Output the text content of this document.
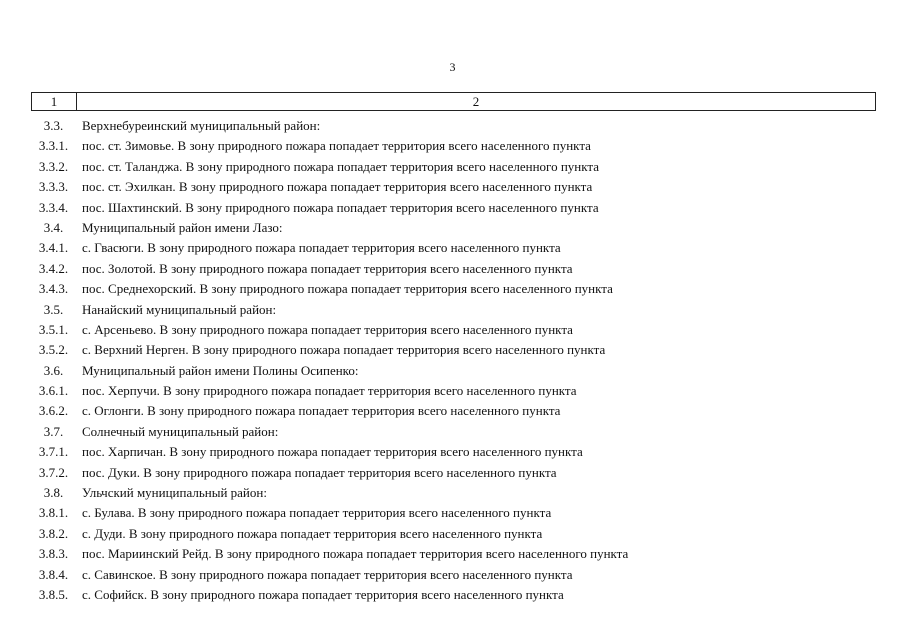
3
1	2
3.3.	Верхнебуреинский муниципальный район:
3.3.1.	пос. ст. Зимовье. В зону природного пожара попадает территория всего населенного пункта
3.3.2.	пос. ст. Таланджа. В зону природного пожара попадает территория всего населенного пункта
3.3.3.	пос. ст. Эхилкан. В зону природного пожара попадает территория всего населенного пункта
3.3.4.	пос. Шахтинский. В зону природного пожара попадает территория всего населенного пункта
3.4.	Муниципальный район имени Лазо:
3.4.1.	с. Гвасюги. В зону природного пожара попадает территория всего населенного пункта
3.4.2.	пос. Золотой. В зону природного пожара попадает территория всего населенного пункта
3.4.3.	пос. Среднехорский. В зону природного пожара попадает территория всего населенного пункта
3.5.	Нанайский муниципальный район:
3.5.1.	с. Арсеньево. В зону природного пожара попадает территория всего населенного пункта
3.5.2.	с. Верхний Нерген. В зону природного пожара попадает территория всего населенного пункта
3.6.	Муниципальный район имени Полины Осипенко:
3.6.1.	пос. Херпучи. В зону природного пожара попадает территория всего населенного пункта
3.6.2.	с. Оглонги. В зону природного пожара попадает территория всего населенного пункта
3.7.	Солнечный муниципальный район:
3.7.1.	пос. Харпичан. В зону природного пожара попадает территория всего населенного пункта
3.7.2.	пос. Дуки. В зону природного пожара попадает территория всего населенного пункта
3.8.	Ульчский муниципальный район:
3.8.1.	с. Булава. В зону природного пожара попадает территория всего населенного пункта
3.8.2.	с. Дуди. В зону природного пожара попадает территория всего населенного пункта
3.8.3.	пос. Мариинский Рейд. В зону природного пожара попадает территория всего населенного пункта
3.8.4.	с. Савинское. В зону природного пожара попадает территория всего населенного пункта
3.8.5.	с. Софийск. В зону природного пожара попадает территория всего населенного пункта
